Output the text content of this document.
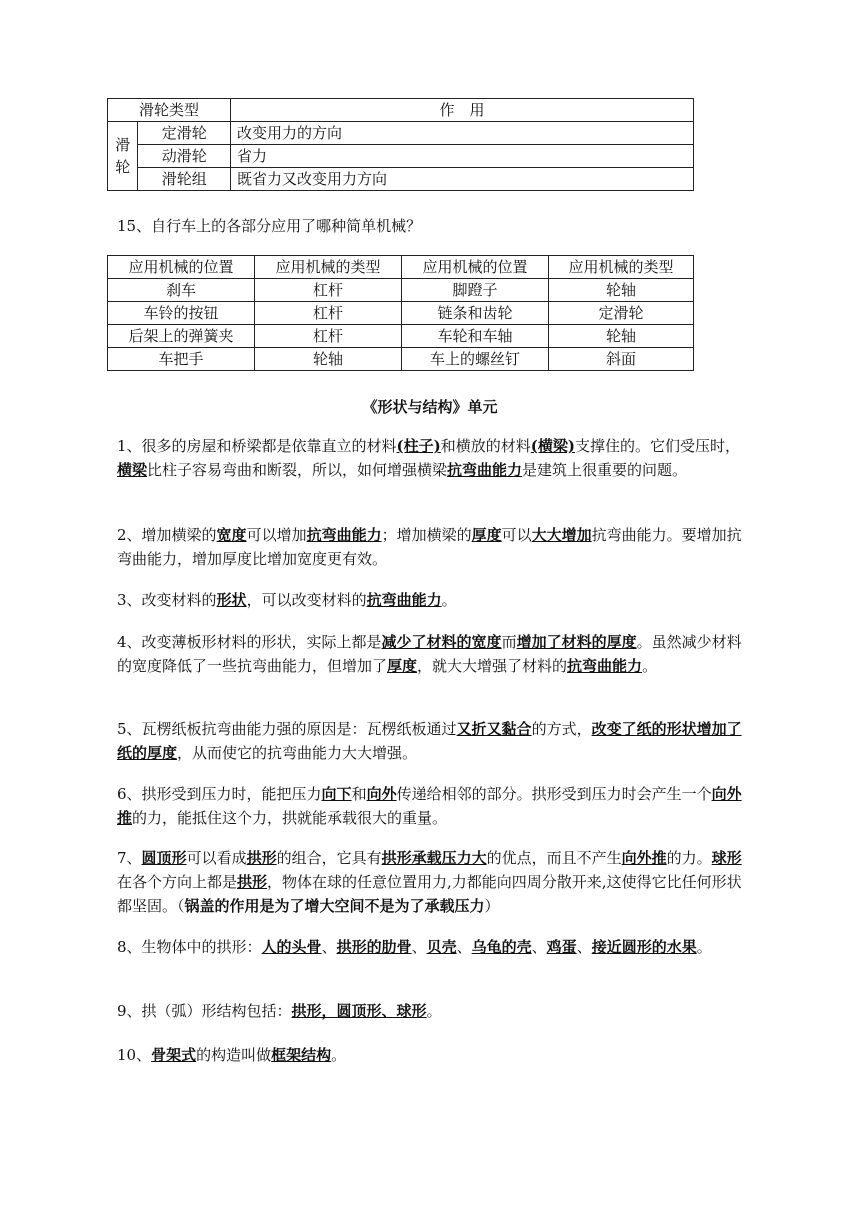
滑轮类型		作　用
滑轮	定滑轮	改变用力的方向
	动滑轮	省力
	滑轮组	既省力又改变用力方向
15、自行车上的各部分应用了哪种简单机械？
应用机械的位置	应用机械的类型	应用机械的位置	应用机械的类型
刹车	杠杆	脚蹬子	轮轴
车铃的按钮	杠杆	链条和齿轮	定滑轮
后架上的弹簧夹	杠杆	车轮和车轴	轮轴
车把手	轮轴	车上的螺丝钉	斜面
《形状与结构》单元
1、很多的房屋和桥梁都是依靠直立的材料(柱子)和横放的材料(横梁)支撑住的。它们受压时，横梁比柱子容易弯曲和断裂，所以，如何增强横梁抗弯曲能力是建筑上很重要的问题。
2、增加横梁的宽度可以增加抗弯曲能力；增加横梁的厚度可以大大增加抗弯曲能力。要增加抗弯曲能力，增加厚度比增加宽度更有效。
3、改变材料的形状，可以改变材料的抗弯曲能力。
4、改变薄板形材料的形状，实际上都是减少了材料的宽度而增加了材料的厚度。虽然减少材料的宽度降低了一些抗弯曲能力，但增加了厚度，就大大增强了材料的抗弯曲能力。
5、瓦楞纸板抗弯曲能力强的原因是：瓦楞纸板通过又折又黏合的方式，改变了纸的形状增加了纸的厚度，从而使它的抗弯曲能力大大增强。
6、拱形受到压力时，能把压力向下和向外传递给相邻的部分。拱形受到压力时会产生一个向外推的力，能抵住这个力，拱就能承载很大的重量。
7、圆顶形可以看成拱形的组合，它具有拱形承载压力大的优点，而且不产生向外推的力。球形在各个方向上都是拱形，物体在球的任意位置用力,力都能向四周分散开来,这使得它比任何形状都坚固。（锅盖的作用是为了增大空间不是为了承载压力）
8、生物体中的拱形：人的头骨、拱形的肋骨、贝壳、乌龟的壳、鸡蛋、接近圆形的水果。
9、拱（弧）形结构包括：拱形，圆顶形、球形。
10、骨架式的构造叫做框架结构。
